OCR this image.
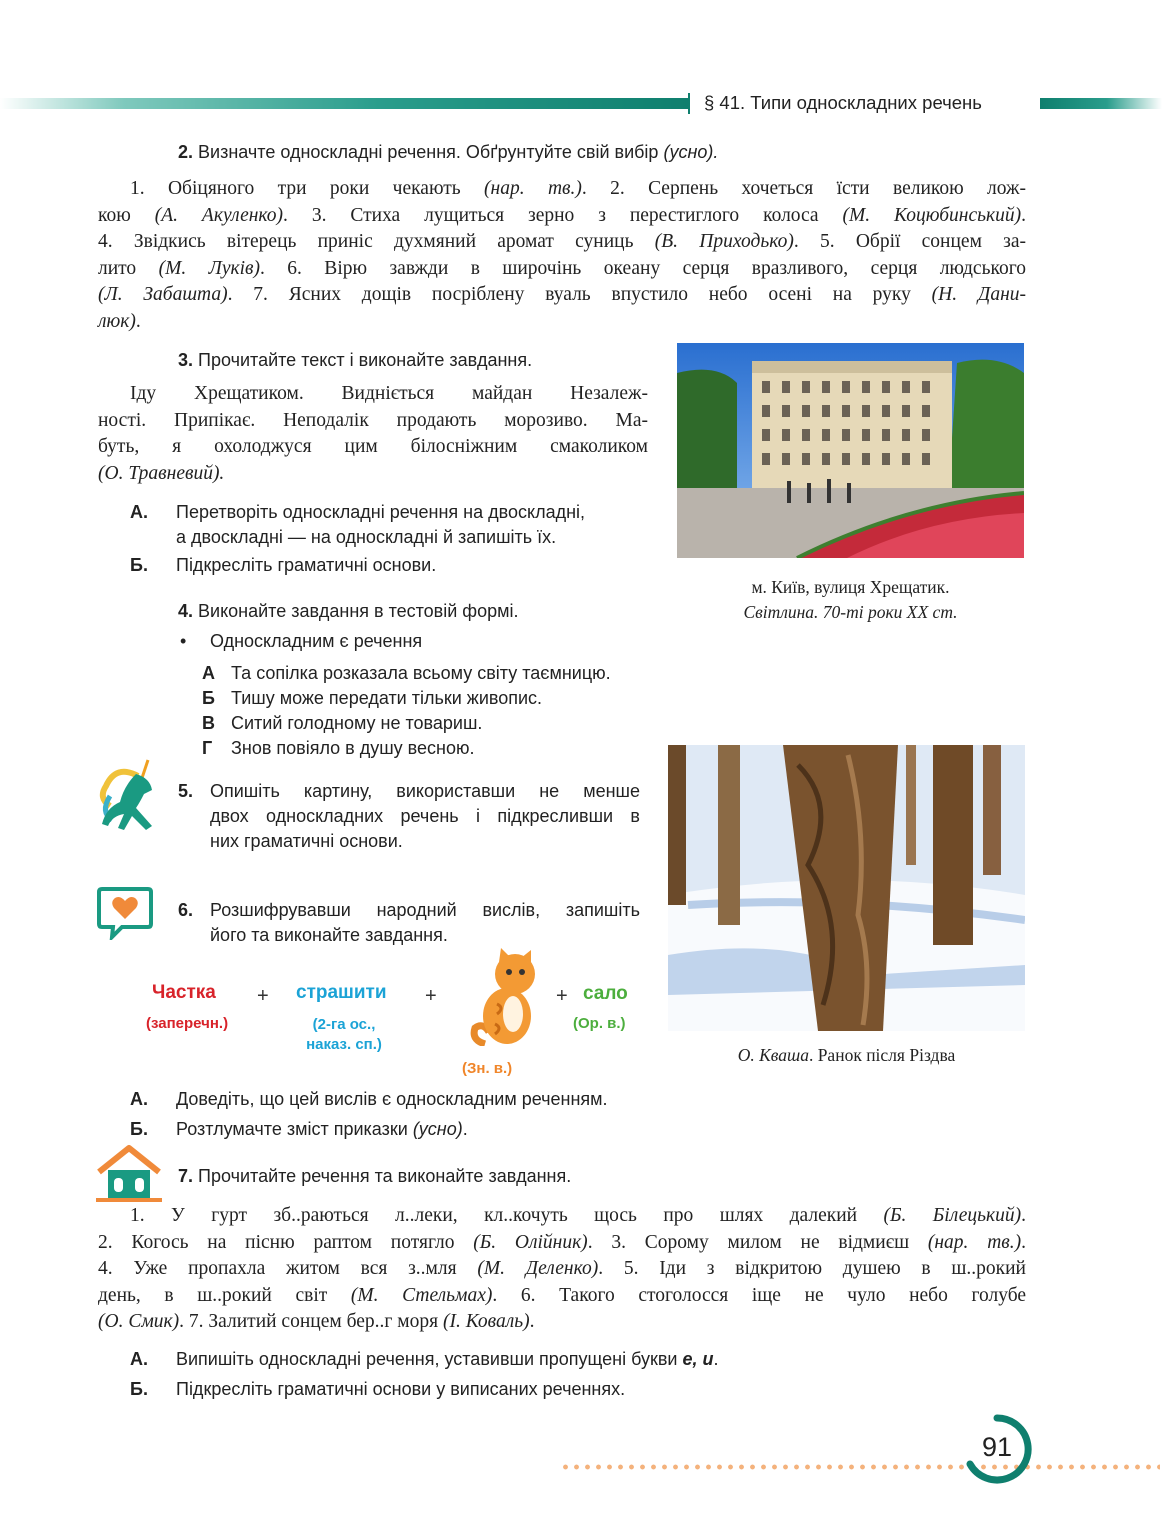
§ 41. Типи односкладних речень
2. Визначте односкладні речення. Обґрунтуйте свій вибір (усно).
1. Обіцяного три роки чекають (нар. тв.). 2. Серпень хочеться їсти великою лож-
кою (А. Акуленко). 3. Стиха лущиться зерно з перестиглого колоса (М. Коцюбинський).
4. Звідкись вітерець приніс духмяний аромат суниць (В. Приходько). 5. Обрії сонцем за-
лито (М. Луків). 6. Вірю завжди в широчінь океану серця вразливого, серця людського
(Л. Забашта). 7. Ясних дощів посріблену вуаль впустило небо осені на руку (Н. Дани-
люк).
3. Прочитайте текст і виконайте завдання.
Іду Хрещатиком. Видніється майдан Незалеж-
ності. Припікає. Неподалік продають морозиво. Ма-
буть, я охолоджуся цим білосніжним смаколиком
(О. Травневий).
А. Перетворіть односкладні речення на двоскладні,
а двоскладні — на односкладні й запишіть їх.
Б. Підкресліть граматичні основи.
м. Київ, вулиця Хрещатик.
Світлина. 70-ті роки XX ст.
4. Виконайте завдання в тестовій формі.
• Односкладним є речення
А Та сопілка розказала всьому світу таємницю.
Б Тишу може передати тільки живопис.
В Ситий голодному не товариш.
Г Знов повіяло в душу весною.
5. Опишіть картину, використавши не менше
двох односкладних речень і підкресливши в
них граматичні основи.
О. Кваша. Ранок після Різдва
6. Розшифрувавши народний вислів, запишіть
його та виконайте завдання.
Частка
(заперечн.)
+ страшити
(2-га ос.,
наказ. сп.)
+
(Зн. в.)
+ сало
(Ор. в.)
А. Доведіть, що цей вислів є односкладним реченням.
Б. Розтлумачте зміст приказки (усно).
7. Прочитайте речення та виконайте завдання.
1. У гурт зб..раються л..леки, кл..кочуть щось про шлях далекий (Б. Білецький).
2. Когось на пісню раптом потягло (Б. Олійник). 3. Сорому милом не відмиєш (нар. тв.).
4. Уже пропахла житом вся з..мля (М. Деленко). 5. Іди з відкритою душею в ш..рокий
день, в ш..рокий світ (М. Стельмах). 6. Такого стоголосся іще не чуло небо голубе
(О. Смик). 7. Залитий сонцем бер..г моря (І. Коваль).
А. Випишіть односкладні речення, уставивши пропущені букви е, и.
Б. Підкресліть граматичні основи у виписаних реченнях.
91
